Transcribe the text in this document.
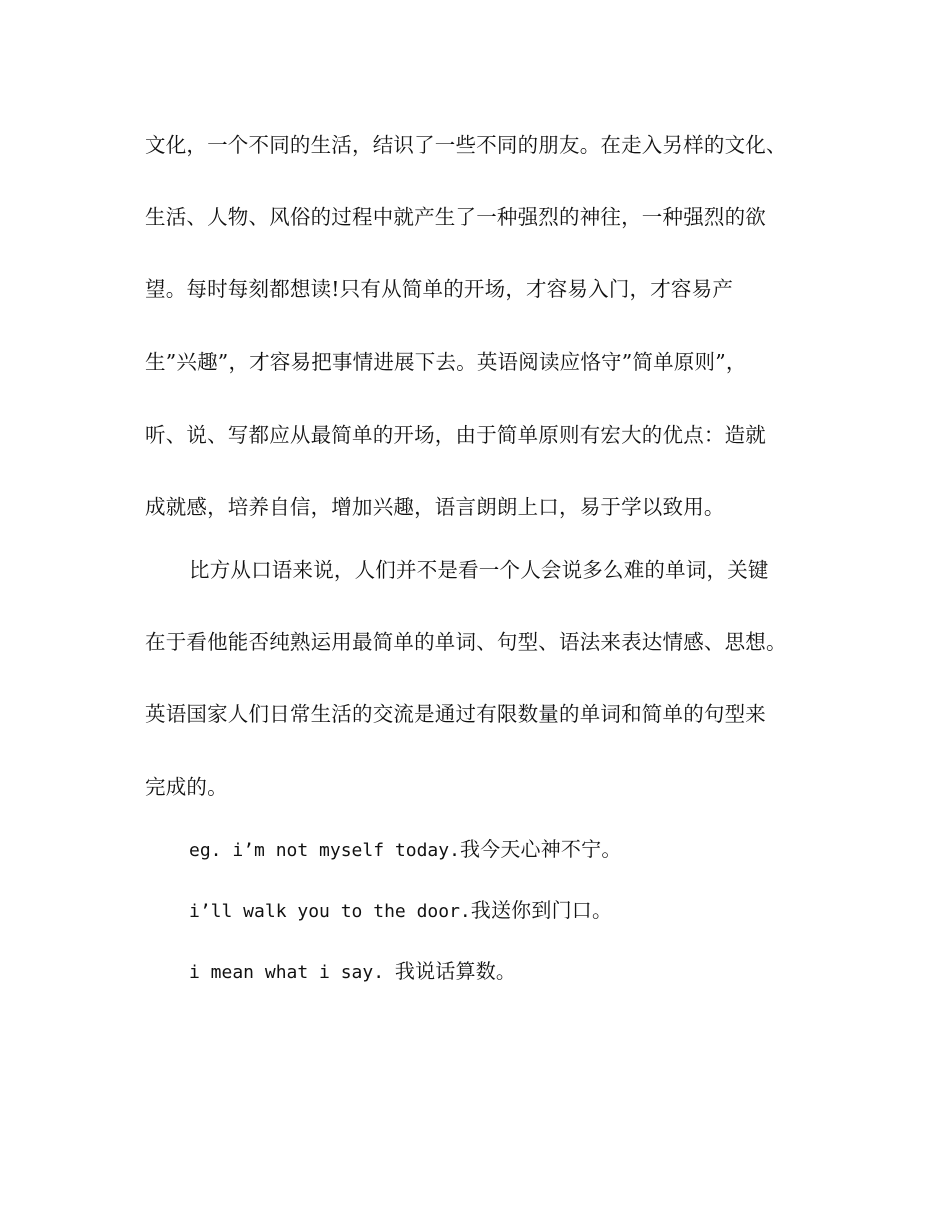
文化，一个不同的生活，结识了一些不同的朋友。在走入另样的文化、
生活、人物、风俗的过程中就产生了一种强烈的神往，一种强烈的欲
望。每时每刻都想读!只有从简单的开场，才容易入门，才容易产
生”兴趣”，才容易把事情进展下去。英语阅读应恪守”简单原则”，
听、说、写都应从最简单的开场，由于简单原则有宏大的优点：造就
成就感，培养自信，增加兴趣，语言朗朗上口，易于学以致用。
比方从口语来说，人们并不是看一个人会说多么难的单词，关键
在于看他能否纯熟运用最简单的单词、句型、语法来表达情感、思想。
英语国家人们日常生活的交流是通过有限数量的单词和简单的句型来
完成的。
eg. i’m not myself today.我今天心神不宁。
i’ll walk you to the door.我送你到门口。
i mean what i say. 我说话算数。
